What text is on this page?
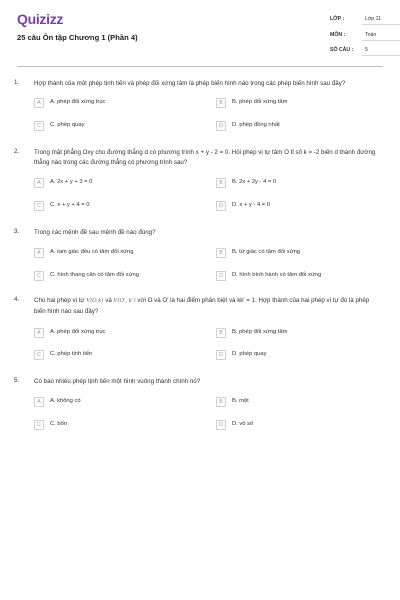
Quizizz
25 câu Ôn tập Chương 1 (Phần 4)
LỚP :	Lớp 11
MÔN :	Toán
SỐ CÂU :	5
1. Hợp thành của một phép tịnh tiến và phép đối xứng tâm là phép biến hình nào trong các phép biến hình sau đây?
A	A. phép đối xứng trục	B	B. phép đối xứng tâm
C	C. phép quay	D	D. phép đồng nhất
2. Trong mặt phẳng Oxy cho đường thẳng d có phương trình x + y - 2 = 0. Hỏi phép vị tự tâm O tỉ số k = -2 biến d thành đường thẳng nào trong các đường thẳng có phương trình sau?
A	A. 2x + y + 3 = 0	B	B. 2x + 2y - 4 = 0
C	C. x + y + 4 = 0	D	D. x + y - 4 = 0
3. Trong các mệnh đề sau mệnh đề nào đúng?
A	A. tam giác đều có tâm đối xứng	B	B. tứ giác có tâm đối xứng
C	C. hình thang cân có tâm đối xứng	D	D. hình bình hành có tâm đối xứng
4. Cho hai phép vị tự V(O,k) và V(O', k') với O và O' là hai điểm phân biệt và kk' = 1. Hợp thành của hai phép vị tự đó là phép biến hình nào sau đây?
A	A. phép đối xứng trục	B	B. phép đối xứng tâm
C	C. phép tịnh tiến	D	D. phép quay
5. Có bao nhiêu phép tịnh tiến một hình vuông thành chính nó?
A	A. không có	B	B. một
C	C. bốn	D	D. vô số
